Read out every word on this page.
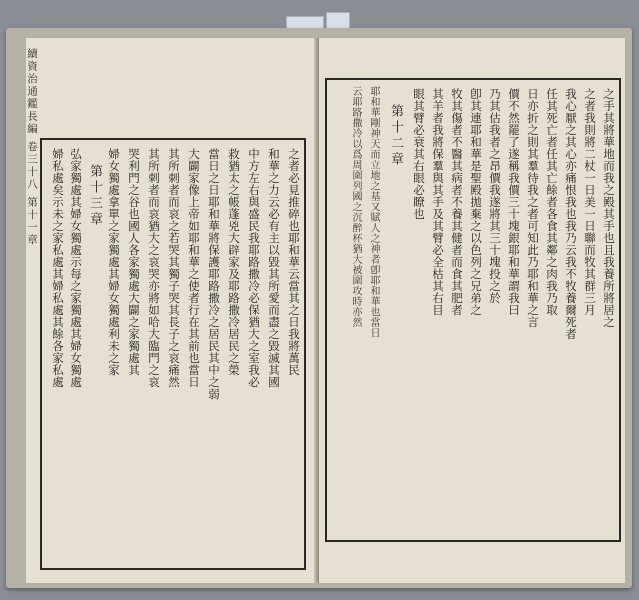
續資治通鑑長編 卷三十八 第十一章
之者必見推碎也耶和華云當其之日我將萬民
和華之力云必有主以毀其所愛而盡之毀滅其國
中方左右與盛民我耶路撒冷必保猶大之室我必
救猶太之帳蓬兇大辟家及耶路撒冷居民之榮
當日之日耶和華將保護耶路撒冷之居民其中之弱
大闢家像上帝如耶和華之使者行在其前也當日
其所刺者而哀之若哭其獨子哭其長子之哀痛然
其所刺者而哀猶大之哀哭亦將如哈大臨門之哀
哭利門之谷也國人各家獨處大闢之家獨處其
婦女獨處拿單之家獨處其婦女獨處利未之家
第十三章
弘家獨處其婦女獨處示每之家獨處其婦女獨處
婦私處矣示未之家私處其婦私處其餘各家私處	之手其將華地而我之殿其手也且我養所將居之
之者我則將二杖一日美一日聯而牧其群三月
我心厭之其心亦痛恨我也我乃云我不牧養爾死者
任其死亡者任其亡餘者各食其鄰之肉我乃取
日亦折之則其羣待我之者可知此乃耶和華之言
價不然罷了遂稱我價三十塊銀耶和華謂我曰
乃其估我者之昂價我遂將其三十塊投之於
卽其連耶和華是聖殿拋棄之以色列之兄弟之
牧其傷者不醫其病者不養其健者而食其肥者
其羊者我將保羣與其手及其臂必全枯其右目
眼其臂必衰其右眼必瞭也
第十二章
耶和華剛神天而立地之基又賦人之神者卽耶和華也當日
云耶路撒冷以爲周圍列國之沉醉杯猶大被圍攻時亦然
